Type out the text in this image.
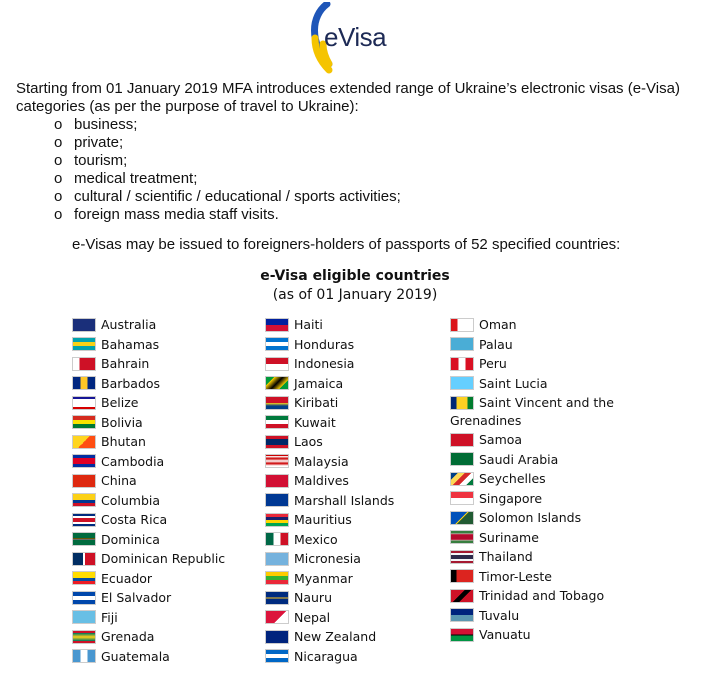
eVisa
Starting from 01 January 2019 MFA introduces extended range of Ukraine’s electronic visas (e-Visa) categories (as per the purpose of travel to Ukraine):
o business;
o private;
o tourism;
o medical treatment;
o cultural / scientific / educational / sports activities;
o foreign mass media staff visits.
e-Visas may be issued to foreigners-holders of passports of 52 specified countries:
e-Visa eligible countries
(as of 01 January 2019)
Australia
Bahamas
Bahrain
Barbados
Belize
Bolivia
Bhutan
Cambodia
China
Columbia
Costa Rica
Dominica
Dominican Republic
Ecuador
El Salvador
Fiji
Grenada
Guatemala
Haiti
Honduras
Indonesia
Jamaica
Kiribati
Kuwait
Laos
Malaysia
Maldives
Marshall Islands
Mauritius
Mexico
Micronesia
Myanmar
Nauru
Nepal
New Zealand
Nicaragua
Oman
Palau
Peru
Saint Lucia
Saint Vincent and the
Grenadines
Samoa
Saudi Arabia
Seychelles
Singapore
Solomon Islands
Suriname
Thailand
Timor-Leste
Trinidad and Tobago
Tuvalu
Vanuatu
